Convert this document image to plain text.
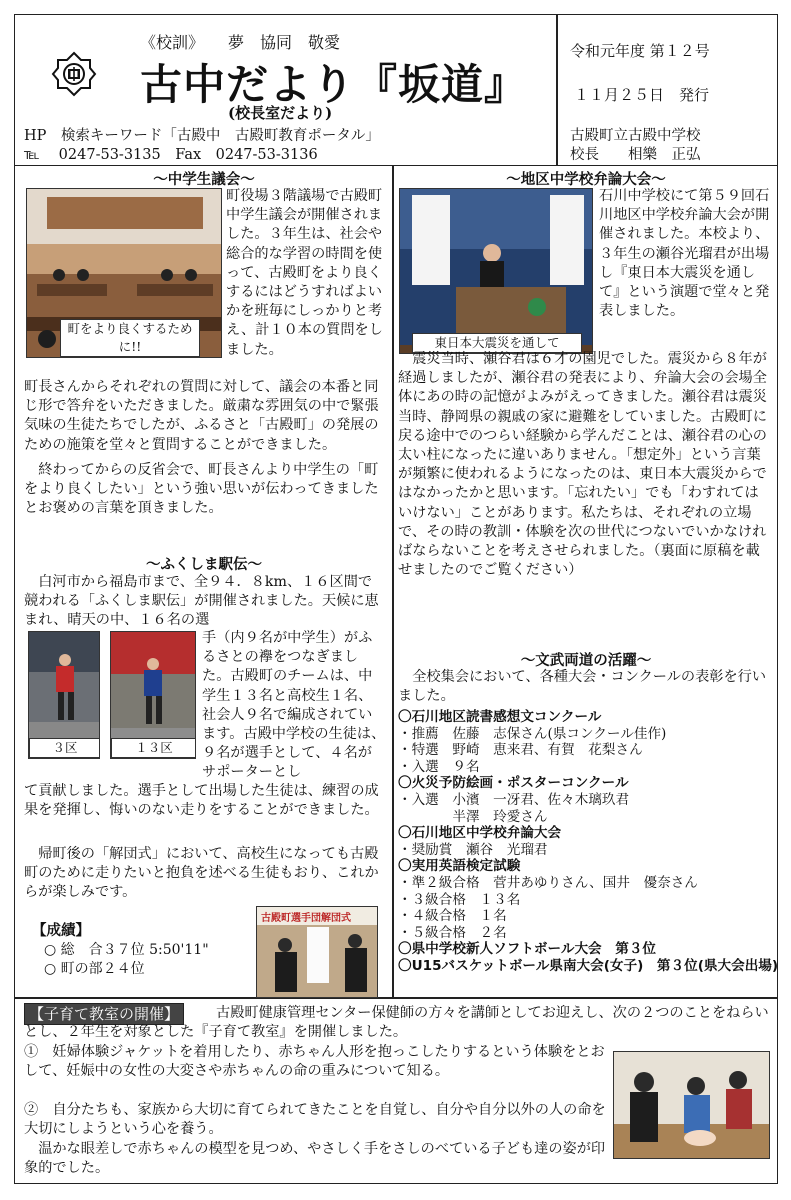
《校訓》　　夢　協同　敬愛
古中だより『坂道』
(校長室だより)
HP　検索キーワード「古殿中　古殿町教育ポータル」
℡　 0247-53-3135　Fax　0247-53-3136
令和元年度 第１２号
１１月２５日　発行
古殿町立古殿中学校
校長　　相樂　正弘
〜中学生議会〜
町をより良くするために!!

町役場３階議場で古殿町中学生議会が開催されました。３年生は、社会や総合的な学習の時間を使って、古殿町をより良くするにはどうすればよいかを班毎にしっかりと考え、計１０本の質問をしました。

町長さんからそれぞれの質問に対して、議会の本番と同じ形で答弁をいただきました。厳粛な雰囲気の中で緊張気味の生徒たちでしたが、ふるさと「古殿町」の発展のための施策を堂々と質問することができました。

　終わってからの反省会で、町長さんより中学生の「町をより良くしたい」という強い思いが伝わってきましたとお褒めの言葉を頂きました。

〜ふくしま駅伝〜

　白河市から福島市まで、全９４．８km、１６区間で競われる「ふくしま駅伝」が開催されました。天候に恵まれ、晴天の中、１６名の選

３区	１３区

手（内９名が中学生）がふるさとの襷をつなぎました。古殿町のチームは、中学生１３名と高校生１名、社会人９名で編成されています。古殿中学校の生徒は、９名が選手として、４名がサポーターとし

て貢献しました。選手として出場した生徒は、練習の成果を発揮し、悔いのない走りをすることができました。

　帰町後の「解団式」において、高校生になっても古殿町のために走りたいと抱負を述べる生徒もおり、これからが楽しみです。

【成績】
○ 総　合３７位 5:50'11"
○ 町の部２４位
古殿町選手団解団式
〜地区中学校弁論大会〜
東日本大震災を通して

石川中学校にて第５９回石川地区中学校弁論大会が開催されました。本校より、３年生の瀬谷光瑠君が出場し『東日本大震災を通して』という演題で堂々と発表しました。

　震災当時、瀬谷君は６才の園児でした。震災から８年が経過しましたが、瀬谷君の発表により、弁論大会の会場全体にあの時の記憶がよみがえってきました。瀬谷君は震災当時、静岡県の親戚の家に避難をしていました。古殿町に戻る途中でのつらい経験から学んだことは、瀬谷君の心の太い柱になったに違いありません。「想定外」という言葉が頻繁に使われるようになったのは、東日本大震災からではなかったかと思います。「忘れたい」でも「わすれてはいけない」ことがあります。私たちは、それぞれの立場で、その時の教訓・体験を次の世代につないでいかなければならないことを考えさせられました。（裏面に原稿を載せましたのでご覧ください）

〜文武両道の活躍〜

　全校集会において、各種大会・コンクールの表彰を行いました。

〇石川地区読書感想文コンクール
・推薦　佐藤　志保さん(県コンクール佳作)
・特選　野崎　恵来君、有賀　花梨さん
・入選　９名
〇火災予防絵画・ポスターコンクール
・入選　小濱　一冴君、佐々木璃玖君
　　　　半澤　玲愛さん
〇石川地区中学校弁論大会
・奨励賞　瀬谷　光瑠君
〇実用英語検定試験
・準２級合格　菅井あゆりさん、国井　優奈さん
・３級合格　１３名
・４級合格　１名
・５級合格　２名
〇県中学校新人ソフトボール大会　第３位
〇U15バスケットボール県南大会(女子)　第３位(県大会出場)
【子育て教室の開催】	古殿町健康管理センター保健師の方々を講師としてお迎えし、次の２つのことをねらいとし、２年生を対象とした『子育て教室』を開催しました。

①　妊婦体験ジャケットを着用したり、赤ちゃん人形を抱っこしたりするという体験をとおして、妊娠中の女性の大変さや赤ちゃんの命の重みについて知る。

②　自分たちも、家族から大切に育てられてきたことを自覚し、自分や自分以外の人の命を大切にしようという心を養う。

　温かな眼差しで赤ちゃんの模型を見つめ、やさしく手をさしのべている子ども達の姿が印象的でした。
